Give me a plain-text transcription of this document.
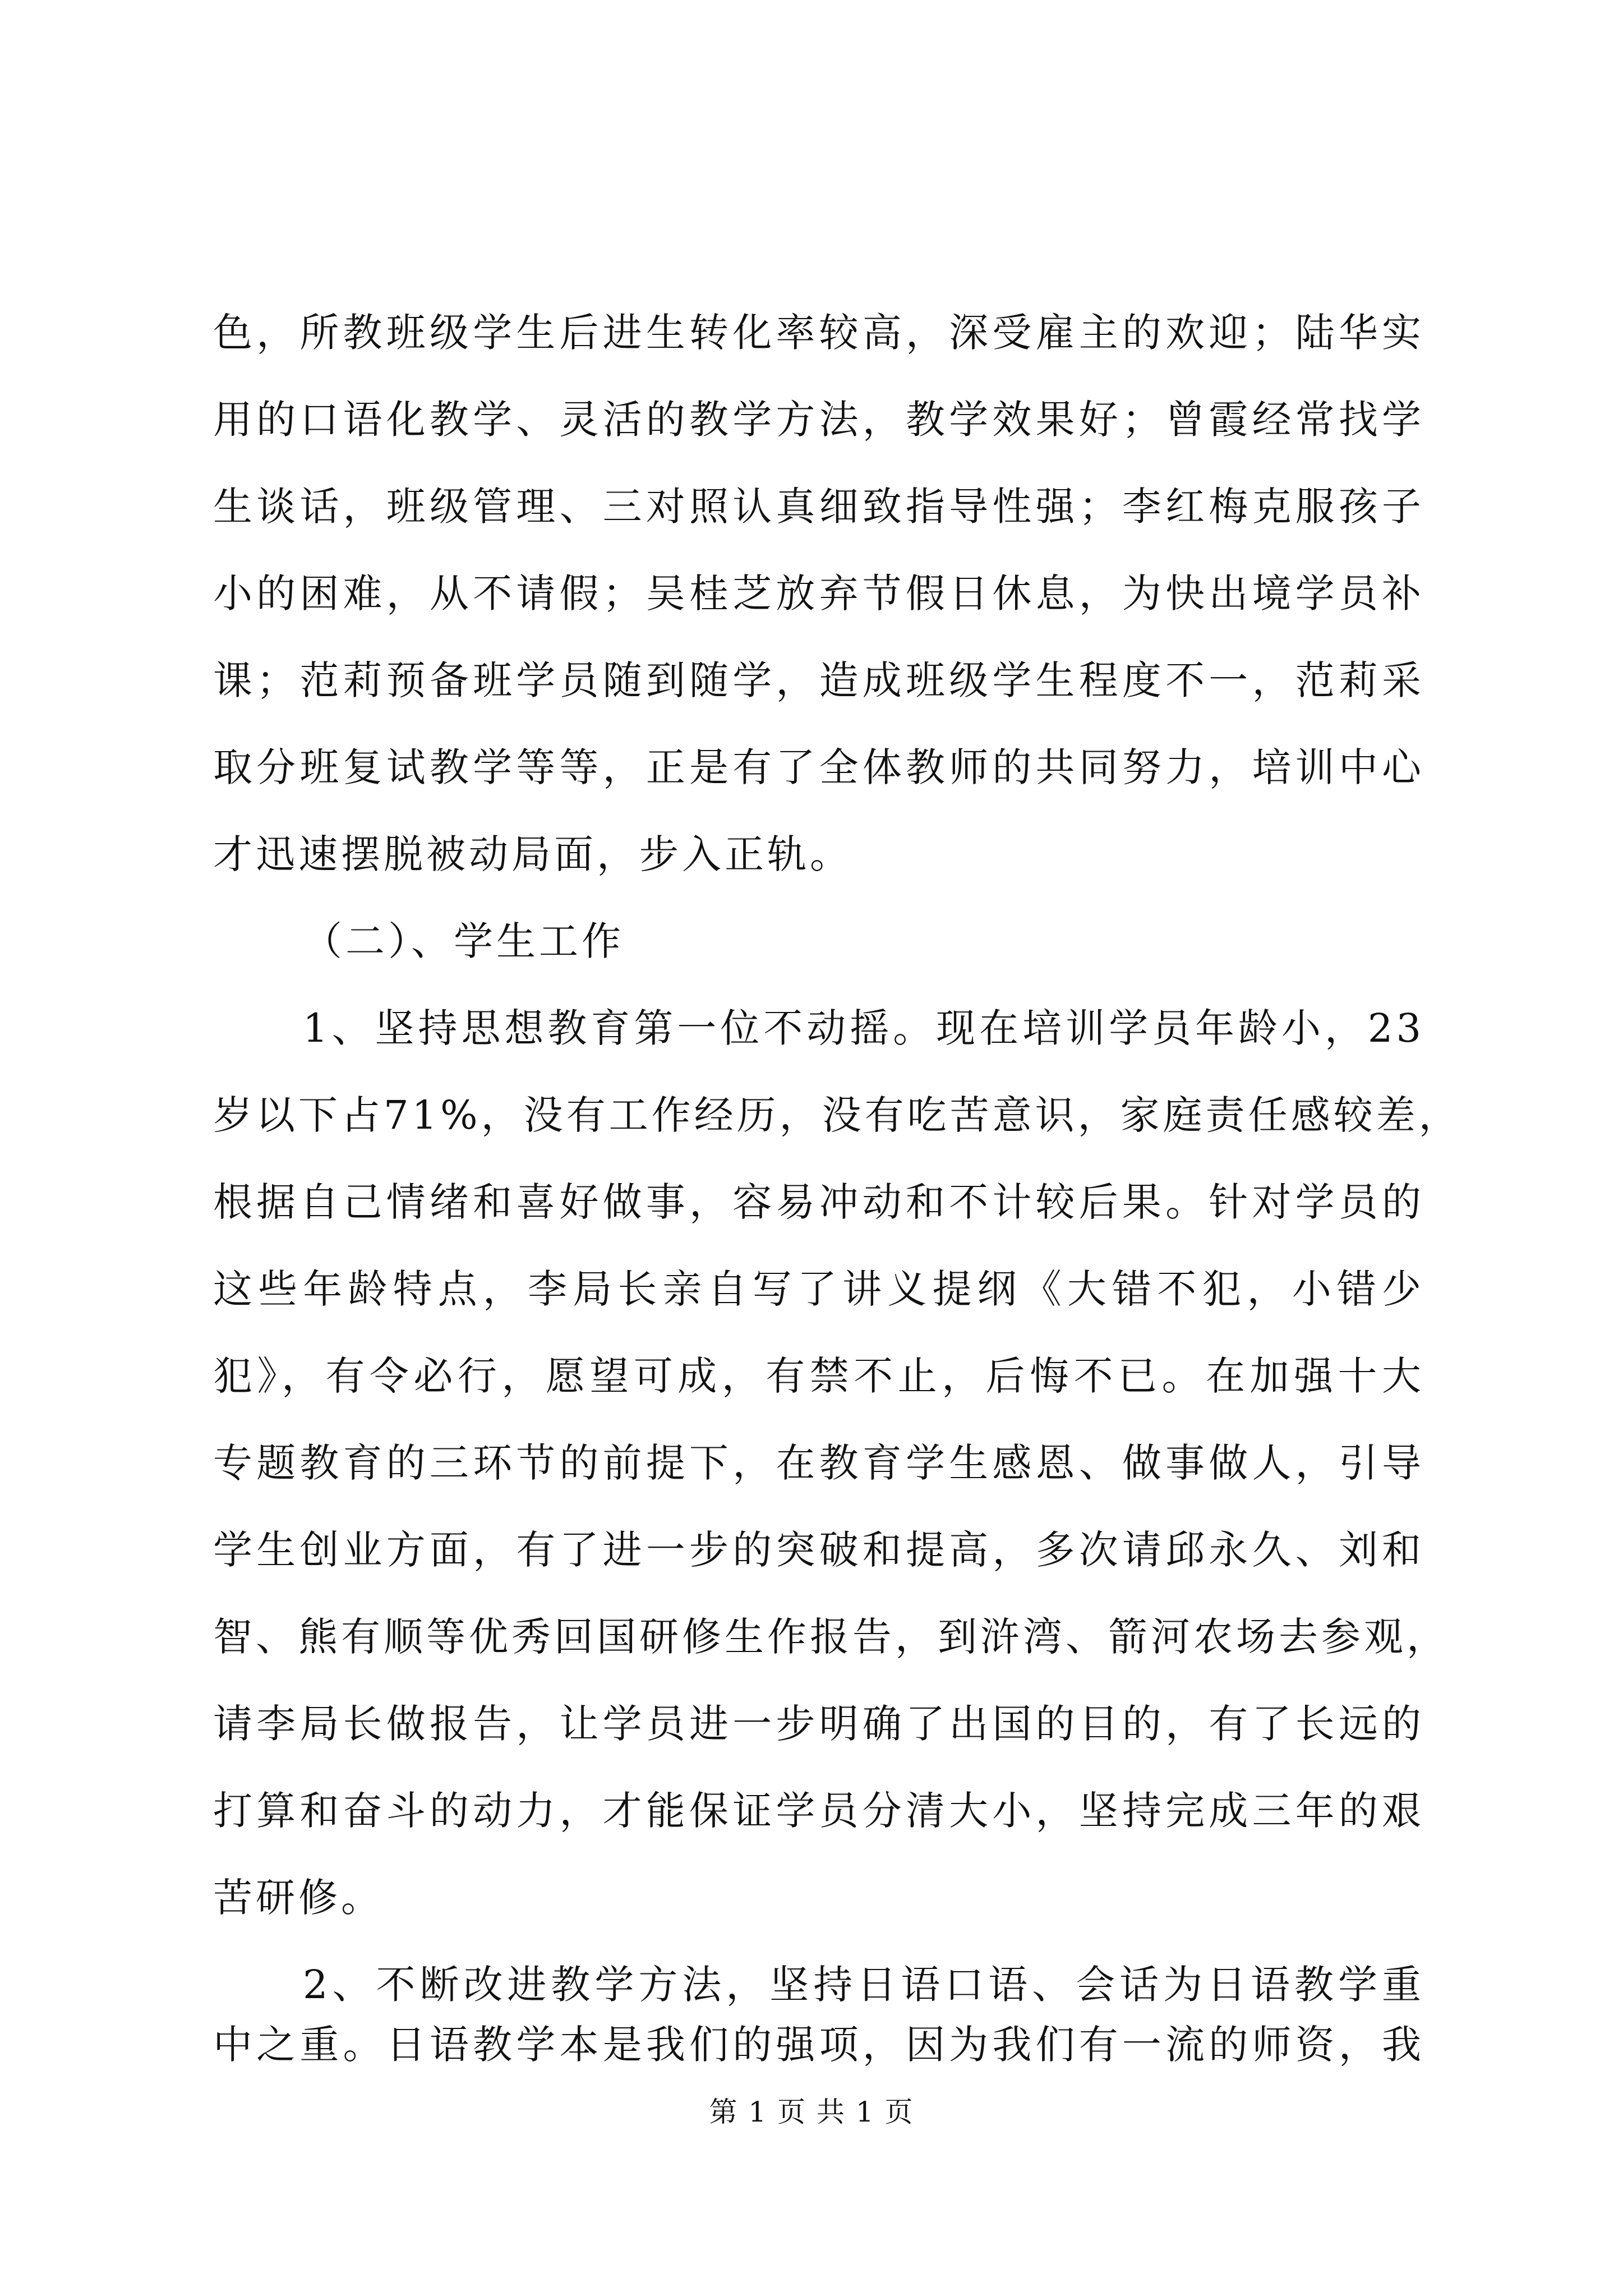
色，所教班级学生后进生转化率较高，深受雇主的欢迎；陆华实
用的口语化教学、灵活的教学方法，教学效果好；曾霞经常找学
生谈话，班级管理、三对照认真细致指导性强；李红梅克服孩子
小的困难，从不请假；吴桂芝放弃节假日休息，为快出境学员补
课；范莉预备班学员随到随学，造成班级学生程度不一，范莉采
取分班复试教学等等，正是有了全体教师的共同努力，培训中心
才迅速摆脱被动局面，步入正轨。
（二）、学生工作
1、坚持思想教育第一位不动摇。现在培训学员年龄小，23
岁以下占71%，没有工作经历，没有吃苦意识，家庭责任感较差，
根据自己情绪和喜好做事，容易冲动和不计较后果。针对学员的
这些年龄特点，李局长亲自写了讲义提纲《大错不犯，小错少
犯》，有令必行，愿望可成，有禁不止，后悔不已。在加强十大
专题教育的三环节的前提下，在教育学生感恩、做事做人，引导
学生创业方面，有了进一步的突破和提高，多次请邱永久、刘和
智、熊有顺等优秀回国研修生作报告，到浒湾、箭河农场去参观，
请李局长做报告，让学员进一步明确了出国的目的，有了长远的
打算和奋斗的动力，才能保证学员分清大小，坚持完成三年的艰
苦研修。
2、不断改进教学方法，坚持日语口语、会话为日语教学重
中之重。日语教学本是我们的强项，因为我们有一流的师资，我
第 1 页 共 1 页
